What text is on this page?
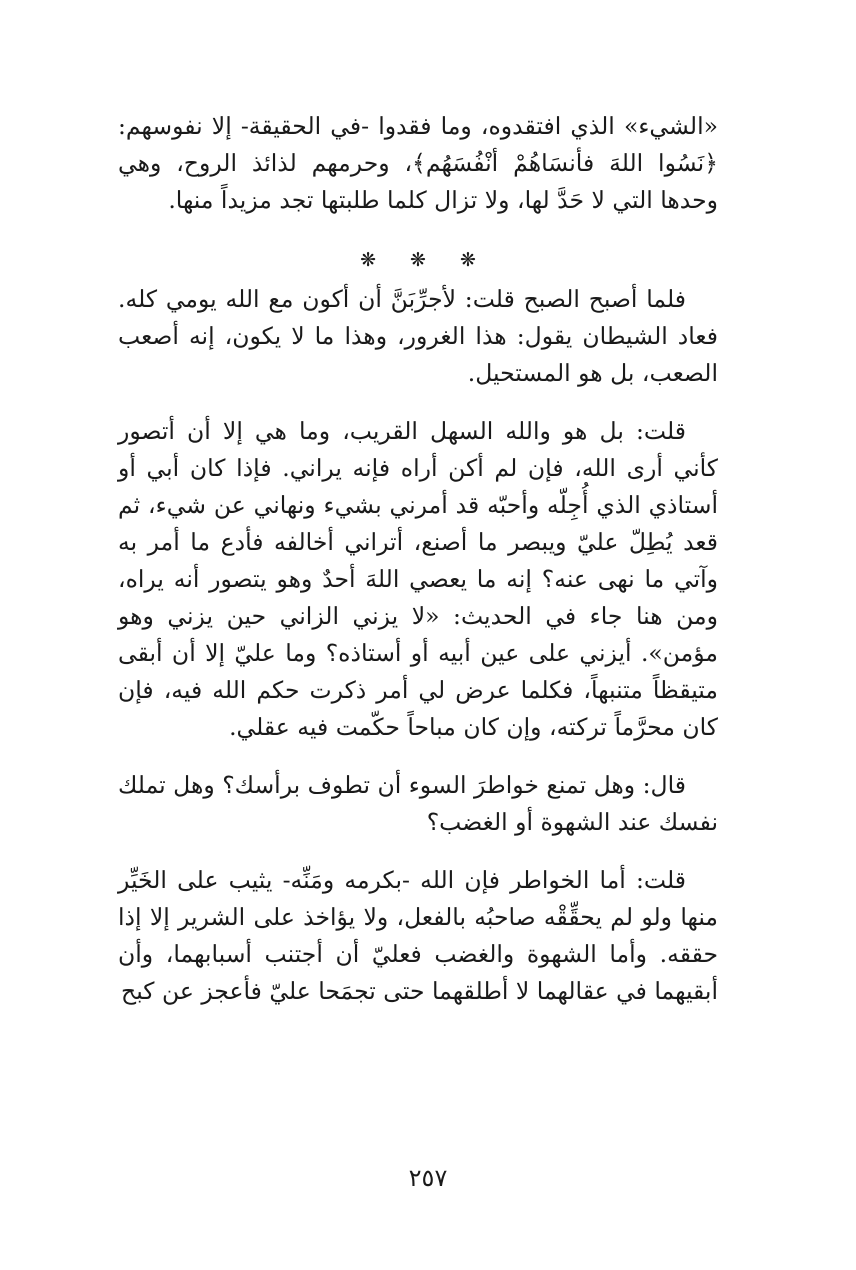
«الشيء» الذي افتقدوه، وما فقدوا -في الحقيقة- إلا نفوسهم: ﴿نَسُوا اللهَ فأنسَاهُمْ أنْفُسَهُم﴾، وحرمهم لذائذ الروح، وهي وحدها التي لا حَدَّ لها، ولا تزال كلما طلبتها تجد مزيداً منها.

❋ ❋ ❋

فلما أصبح الصبح قلت: لأجرِّبَنَّ أن أكون مع الله يومي كله. فعاد الشيطان يقول: هذا الغرور، وهذا ما لا يكون، إنه أصعب الصعب، بل هو المستحيل.

قلت: بل هو والله السهل القريب، وما هي إلا أن أتصور كأني أرى الله، فإن لم أكن أراه فإنه يراني. فإذا كان أبي أو أستاذي الذي أُجِلّه وأحبّه قد أمرني بشيء ونهاني عن شيء، ثم قعد يُطِلّ عليّ ويبصر ما أصنع، أتراني أخالفه فأدع ما أمر به وآتي ما نهى عنه؟ إنه ما يعصي اللهَ أحدٌ وهو يتصور أنه يراه، ومن هنا جاء في الحديث: «لا يزني الزاني حين يزني وهو مؤمن». أيزني على عين أبيه أو أستاذه؟ وما عليّ إلا أن أبقى متيقظاً متنبهاً، فكلما عرض لي أمر ذكرت حكم الله فيه، فإن كان محرَّماً تركته، وإن كان مباحاً حكّمت فيه عقلي.

قال: وهل تمنع خواطرَ السوء أن تطوف برأسك؟ وهل تملك نفسك عند الشهوة أو الغضب؟

قلت: أما الخواطر فإن الله -بكرمه ومَنِّه- يثيب على الخَيِّر منها ولو لم يحقِّقْه صاحبُه بالفعل، ولا يؤاخذ على الشرير إلا إذا حققه. وأما الشهوة والغضب فعليّ أن أجتنب أسبابهما، وأن أبقيهما في عقالهما لا أطلقهما حتى تجمَحا عليّ فأعجز عن كبح

٢٥٧
